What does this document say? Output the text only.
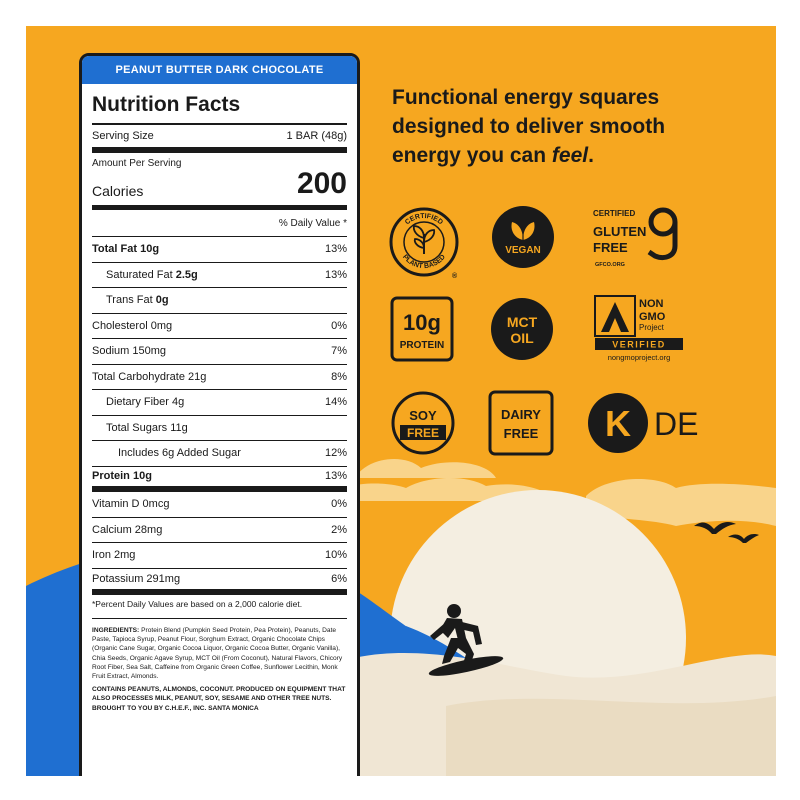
PEANUT BUTTER DARK CHOCOLATE
Nutrition Facts
Serving Size	1 BAR (48g)
Amount Per Serving
Calories	200
% Daily Value *
Total Fat 10g	13%
Saturated Fat 2.5g	13%
Trans Fat 0g
Cholesterol 0mg	0%
Sodium 150mg	7%
Total Carbohydrate 21g	8%
Dietary Fiber 4g	14%
Total Sugars 11g
Includes 6g Added Sugar	12%
Protein 10g	13%
Vitamin D 0mcg	0%
Calcium 28mg	2%
Iron 2mg	10%
Potassium 291mg	6%
*Percent Daily Values are based on a 2,000 calorie diet.
INGREDIENTS: Protein Blend (Pumpkin Seed Protein, Pea Protein), Peanuts, Date Paste, Tapioca Syrup, Peanut Flour, Sorghum Extract, Organic Chocolate Chips (Organic Cane Sugar, Organic Cocoa Liquor, Organic Cocoa Butter, Organic Vanilla), Chia Seeds, Organic Agave Syrup, MCT Oil (From Coconut), Natural Flavors, Chicory Root Fiber, Sea Salt, Caffeine from Organic Green Coffee, Sunflower Lecithin, Monk Fruit Extract, Almonds.
CONTAINS PEANUTS, ALMONDS, COCONUT. PRODUCED ON EQUIPMENT THAT ALSO PROCESSES MILK, PEANUT, SOY, SESAME AND OTHER TREE NUTS. BROUGHT TO YOU BY C.H.E.F., INC. SANTA MONICA
Functional energy squares
designed to deliver smooth
energy you can feel.
CERTIFIED
PLANT BASED
®
VEGAN
CERTIFIED
GLUTEN
FREE
GFCO.ORG
10g
PROTEIN
MCT
OIL
NON
GMO
Project
VERIFIED
nongmoproject.org
SOY
FREE
DAIRY
FREE K DE
